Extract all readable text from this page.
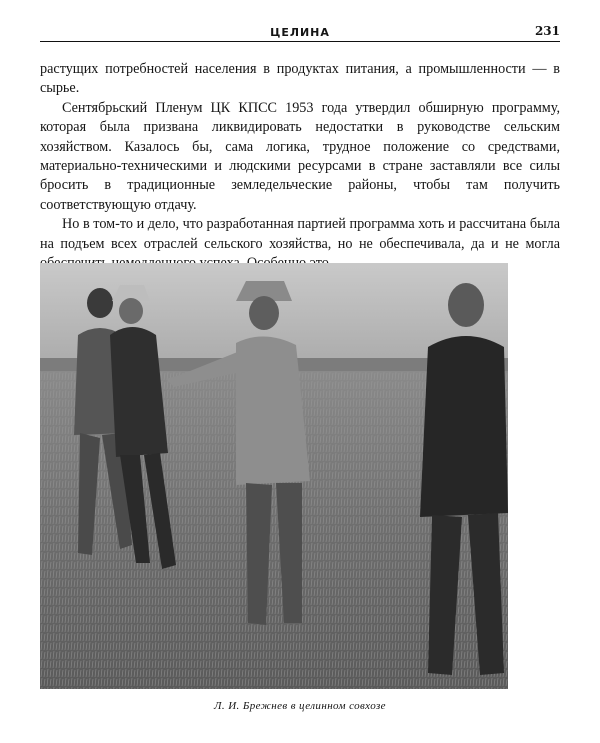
ЦЕЛИНА	231

растущих потребностей населения в продуктах питания, а промышленности — в сырье.

Сентябрьский Пленум ЦК КПСС 1953 года утвердил обширную программу, которая была призвана ликвидировать недостатки в руководстве сельским хозяйством. Казалось бы, сама логика, трудное положение со средствами, материально-техническими и людскими ресурсами в стране заставляли все силы бросить в традиционные земледельческие районы, чтобы там получить соответствующую отдачу.

Но в том-то и дело, что разработанная партией программа хоть и рассчитана была на подъем всех отраслей сельского хозяйства, но не обеспечивала, да и не могла

Л. И. Брежнев в целинном совхозе
